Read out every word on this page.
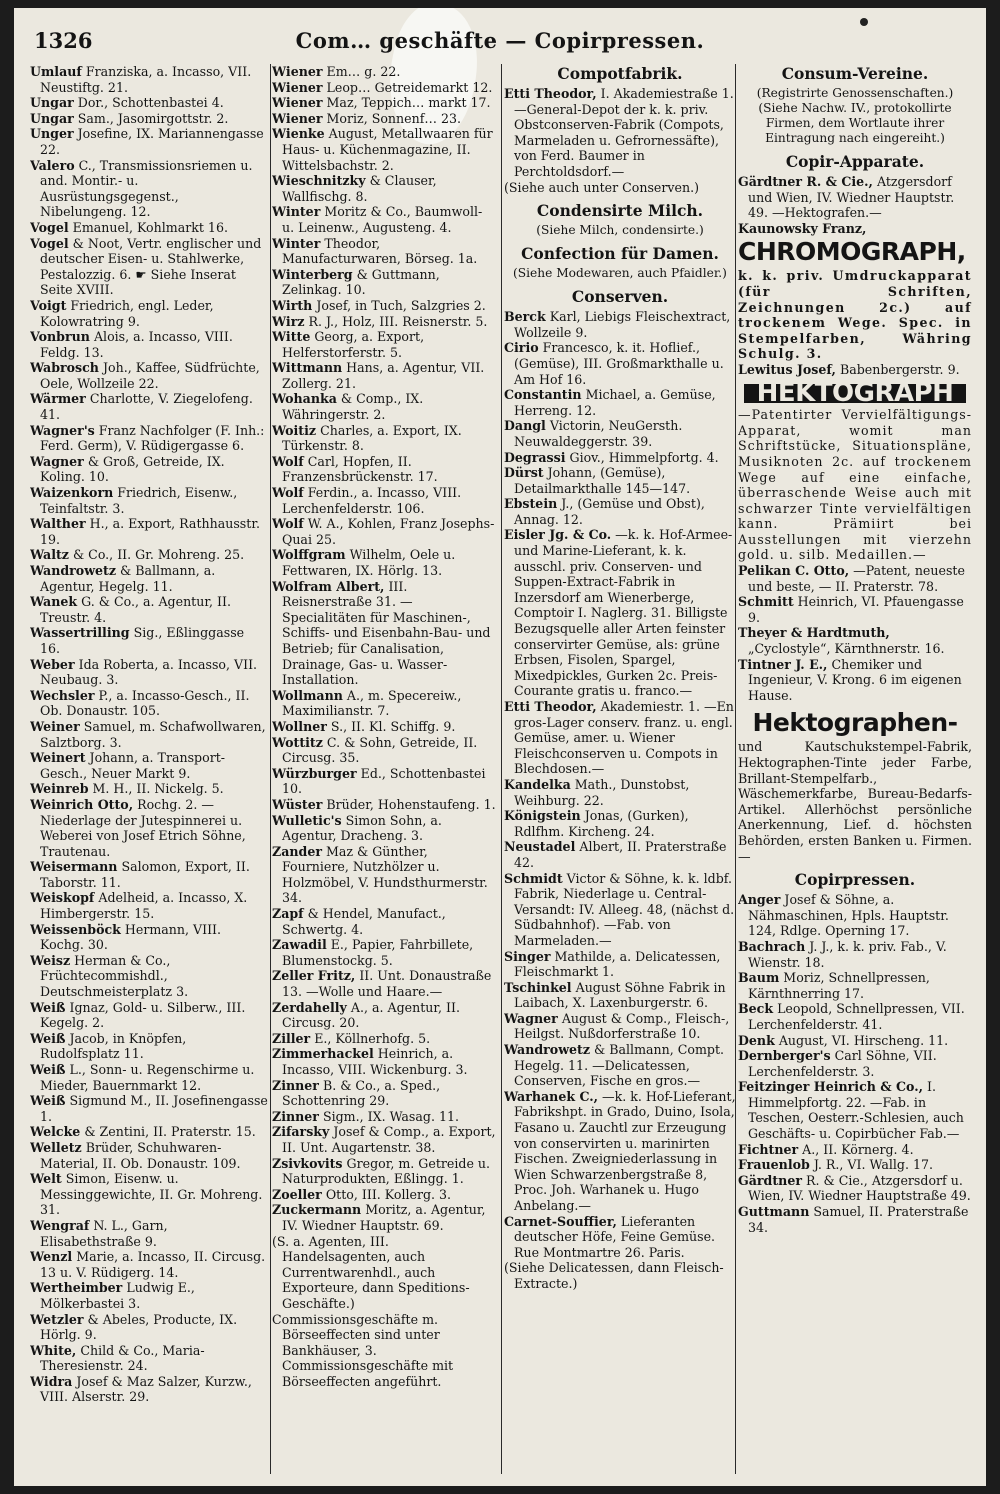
1326	Com… geschäfte — Copirpressen.

Umlauf Franziska, a. Incasso, VII. Neustiftg. 21.

Ungar Dor., Schottenbastei 4.

Ungar Sam., Jasomirgottstr. 2.

Unger Josefine, IX. Mariannengasse 22.

Valero C., Transmissionsriemen u. and. Montir.- u. Ausrüstungsgegenst., Nibelungeng. 12.

Vogel Emanuel, Kohlmarkt 16.

Vogel & Noot, Vertr. englischer und deutscher Eisen- u. Stahlwerke, Pestalozzig. 6. ☛ Siehe Inserat Seite XVIII.

Voigt Friedrich, engl. Leder, Kolowratring 9.

Vonbrun Alois, a. Incasso, VIII. Feldg. 13.

Wabrosch Joh., Kaffee, Südfrüchte, Oele, Wollzeile 22.

Wärmer Charlotte, V. Ziegelofeng. 41.

Wagner's Franz Nachfolger (F. Inh.: Ferd. Germ), V. Rüdigergasse 6.

Wagner & Groß, Getreide, IX. Koling. 10.

Waizenkorn Friedrich, Eisenw., Teinfaltstr. 3.

Walther H., a. Export, Rathhausstr. 19.

Waltz & Co., II. Gr. Mohreng. 25.

Wandrowetz & Ballmann, a. Agentur, Hegelg. 11.

Wanek G. & Co., a. Agentur, II. Treustr. 4.

Wassertrilling Sig., Eßlinggasse 16.

Weber Ida Roberta, a. Incasso, VII. Neubaug. 3.

Wechsler P., a. Incasso-Gesch., II. Ob. Donaustr. 105.

Weiner Samuel, m. Schafwollwaren, Salztborg. 3.

Weinert Johann, a. Transport-Gesch., Neuer Markt 9.

Weinreb M. H., II. Nickelg. 5.

Weinrich Otto, Rochg. 2. —Niederlage der Jutespinnerei u. Weberei von Josef Etrich Söhne, Trautenau.

Weisermann Salomon, Export, II. Taborstr. 11.

Weiskopf Adelheid, a. Incasso, X. Himbergerstr. 15.

Weissenböck Hermann, VIII. Kochg. 30.

Weisz Herman & Co., Früchtecommishdl., Deutschmeisterplatz 3.

Weiß Ignaz, Gold- u. Silberw., III. Kegelg. 2.

Weiß Jacob, in Knöpfen, Rudolfsplatz 11.

Weiß L., Sonn- u. Regenschirme u. Mieder, Bauernmarkt 12.

Weiß Sigmund M., II. Josefinengasse 1.

Welcke & Zentini, II. Praterstr. 15.

Welletz Brüder, Schuhwaren-Material, II. Ob. Donaustr. 109.

Welt Simon, Eisenw. u. Messinggewichte, II. Gr. Mohreng. 31.

Wengraf N. L., Garn, Elisabethstraße 9.

Wenzl Marie, a. Incasso, II. Circusg. 13 u. V. Rüdigerg. 14.

Wertheimber Ludwig E., Mölkerbastei 3.

Wetzler & Abeles, Producte, IX. Hörlg. 9.

White, Child & Co., Maria-Theresienstr. 24.

Widra Josef & Maz Salzer, Kurzw., VIII. Alserstr. 29.

Wiener Em… g. 22.

Wiener Leop… Getreidemarkt 12.

Wiener Maz, Teppich… markt 17.

Wiener Moriz, Sonnenf… 23.

Wienke August, Metallwaaren für Haus- u. Küchenmagazine, II. Wittelsbachstr. 2.

Wieschnitzky & Clauser, Wallfischg. 8.

Winter Moritz & Co., Baumwoll- u. Leinenw., Augusteng. 4.

Winter Theodor, Manufacturwaren, Börseg. 1a.

Winterberg & Guttmann, Zelinkag. 10.

Wirth Josef, in Tuch, Salzgries 2.

Wirz R. J., Holz, III. Reisnerstr. 5.

Witte Georg, a. Export, Helferstorferstr. 5.

Wittmann Hans, a. Agentur, VII. Zollerg. 21.

Wohanka & Comp., IX. Währingerstr. 2.

Woitiz Charles, a. Export, IX. Türkenstr. 8.

Wolf Carl, Hopfen, II. Franzensbrückenstr. 17.

Wolf Ferdin., a. Incasso, VIII. Lerchenfelderstr. 106.

Wolf W. A., Kohlen, Franz Josephs-Quai 25.

Wolffgram Wilhelm, Oele u. Fettwaren, IX. Hörlg. 13.

Wolfram Albert, III. Reisnerstraße 31. — Specialitäten für Maschinen-, Schiffs- und Eisenbahn-Bau- und Betrieb; für Canalisation, Drainage, Gas- u. Wasser-Installation.

Wollmann A., m. Specereiw., Maximilianstr. 7.

Wollner S., II. Kl. Schiffg. 9.

Wottitz C. & Sohn, Getreide, II. Circusg. 35.

Würzburger Ed., Schottenbastei 10.

Wüster Brüder, Hohenstaufeng. 1.

Wulletic's Simon Sohn, a. Agentur, Dracheng. 3.

Zander Maz & Günther, Fourniere, Nutzhölzer u. Holzmöbel, V. Hundsthurmerstr. 34.

Zapf & Hendel, Manufact., Schwertg. 4.

Zawadil E., Papier, Fahrbillete, Blumenstockg. 5.

Zeller Fritz, II. Unt. Donaustraße 13. —Wolle und Haare.—

Zerdahelly A., a. Agentur, II. Circusg. 20.

Ziller E., Köllnerhofg. 5.

Zimmerhackel Heinrich, a. Incasso, VIII. Wickenburg. 3.

Zinner B. & Co., a. Sped., Schottenring 29.

Zinner Sigm., IX. Wasag. 11.

Zifarsky Josef & Comp., a. Export, II. Unt. Augartenstr. 38.

Zsivkovits Gregor, m. Getreide u. Naturprodukten, Eßlingg. 1.

Zoeller Otto, III. Kollerg. 3.

Zuckermann Moritz, a. Agentur, IV. Wiedner Hauptstr. 69.

(S. a. Agenten, III. Handelsagenten, auch Currentwarenhdl., auch Exporteure, dann Speditions-Geschäfte.)

Commissionsgeschäfte m. Börseeffecten sind unter Bankhäuser, 3. Commissionsgeschäfte mit Börseeffecten angeführt.

Compotfabrik.

Etti Theodor, I. Akademiestraße 1. —General-Depot der k. k. priv. Obstconserven-Fabrik (Compots, Marmeladen u. Gefrornessäfte), von Ferd. Baumer in Perchtoldsdorf.—

(Siehe auch unter Conserven.)

Condensirte Milch.
(Siehe Milch, condensirte.)
Confection für Damen.
(Siehe Modewaren, auch Pfaidler.)
Conserven.

Berck Karl, Liebigs Fleischextract, Wollzeile 9.

Cirio Francesco, k. it. Hoflief., (Gemüse), III. Großmarkthalle u. Am Hof 16.

Constantin Michael, a. Gemüse, Herreng. 12.

Dangl Victorin, NeuGersth. Neuwaldeggerstr. 39.

Degrassi Giov., Himmelpfortg. 4.

Dürst Johann, (Gemüse), Detailmarkthalle 145—147.

Ebstein J., (Gemüse und Obst), Annag. 12.

Eisler Jg. & Co. —k. k. Hof-Armee- und Marine-Lieferant, k. k. ausschl. priv. Conserven- und Suppen-Extract-Fabrik in Inzersdorf am Wienerberge, Comptoir I. Naglerg. 31. Billigste Bezugsquelle aller Arten feinster conservirter Gemüse, als: grüne Erbsen, Fisolen, Spargel, Mixedpickles, Gurken 2c. Preis-Courante gratis u. franco.—

Etti Theodor, Akademiestr. 1. —En gros-Lager conserv. franz. u. engl. Gemüse, amer. u. Wiener Fleischconserven u. Compots in Blechdosen.—

Kandelka Math., Dunstobst, Weihburg. 22.

Königstein Jonas, (Gurken), Rdlfhm. Kircheng. 24.

Neustadel Albert, II. Praterstraße 42.

Schmidt Victor & Söhne, k. k. ldbf. Fabrik, Niederlage u. Central-Versandt: IV. Alleeg. 48, (nächst d. Südbahnhof). —Fab. von Marmeladen.—

Singer Mathilde, a. Delicatessen, Fleischmarkt 1.

Tschinkel August Söhne Fabrik in Laibach, X. Laxenburgerstr. 6.

Wagner August & Comp., Fleisch-, Heilgst. Nußdorferstraße 10.

Wandrowetz & Ballmann, Compt. Hegelg. 11. —Delicatessen, Conserven, Fische en gros.—

Warhanek C., —k. k. Hof-Lieferant, Fabrikshpt. in Grado, Duino, Isola, Fasano u. Zauchtl zur Erzeugung von conservirten u. marinirten Fischen. Zweigniederlassung in Wien Schwarzenbergstraße 8, Proc. Joh. Warhanek u. Hugo Anbelang.—

Carnet-Souffier, Lieferanten deutscher Höfe, Feine Gemüse. Rue Montmartre 26. Paris.

(Siehe Delicatessen, dann Fleisch-Extracte.)

Consum-Vereine.
(Registrirte Genossenschaften.) (Siehe Nachw. IV., protokollirte Firmen, dem Wortlaute ihrer Eintragung nach eingereiht.)
Copir-Apparate.

Gärdtner R. & Cie., Atzgersdorf und Wien, IV. Wiedner Hauptstr. 49. —Hektografen.—

Kaunowsky Franz,

CHROMOGRAPH,

k. k. priv. Umdruckapparat (für Schriften, Zeichnungen 2c.) auf trockenem Wege. Spec. in Stempelfarben, Währing Schulg. 3.

Lewitus Josef, Babenbergerstr. 9.

HEKTOGRAPH

—Patentirter Vervielfältigungs-Apparat, womit man Schriftstücke, Situationspläne, Musiknoten 2c. auf trockenem Wege auf eine einfache, überraschende Weise auch mit schwarzer Tinte vervielfältigen kann. Prämiirt bei Ausstellungen mit vierzehn gold. u. silb. Medaillen.—

Pelikan C. Otto, —Patent, neueste und beste, — II. Praterstr. 78.

Schmitt Heinrich, VI. Pfauengasse 9.

Theyer & Hardtmuth, „Cyclostyle“, Kärnthnerstr. 16.

Tintner J. E., Chemiker und Ingenieur, V. Krong. 6 im eigenen Hause.

Hektographen-

und Kautschukstempel-Fabrik, Hektographen-Tinte jeder Farbe, Brillant-Stempelfarb., Wäschemerkfarbe, Bureau-Bedarfs-Artikel. Allerhöchst persönliche Anerkennung, Lief. d. höchsten Behörden, ersten Banken u. Firmen.—

Copirpressen.

Anger Josef & Söhne, a. Nähmaschinen, Hpls. Hauptstr. 124, Rdlge. Operning 17.

Bachrach J. J., k. k. priv. Fab., V. Wienstr. 18.

Baum Moriz, Schnellpressen, Kärnthnerring 17.

Beck Leopold, Schnellpressen, VII. Lerchenfelderstr. 41.

Denk August, VI. Hirscheng. 11.

Dernberger's Carl Söhne, VII. Lerchenfelderstr. 3.

Feitzinger Heinrich & Co., I. Himmelpfortg. 22. —Fab. in Teschen, Oesterr.-Schlesien, auch Geschäfts- u. Copirbücher Fab.—

Fichtner A., II. Körnerg. 4.

Frauenlob J. R., VI. Wallg. 17.

Gärdtner R. & Cie., Atzgersdorf u. Wien, IV. Wiedner Hauptstraße 49.

Guttmann Samuel, II. Praterstraße 34.
